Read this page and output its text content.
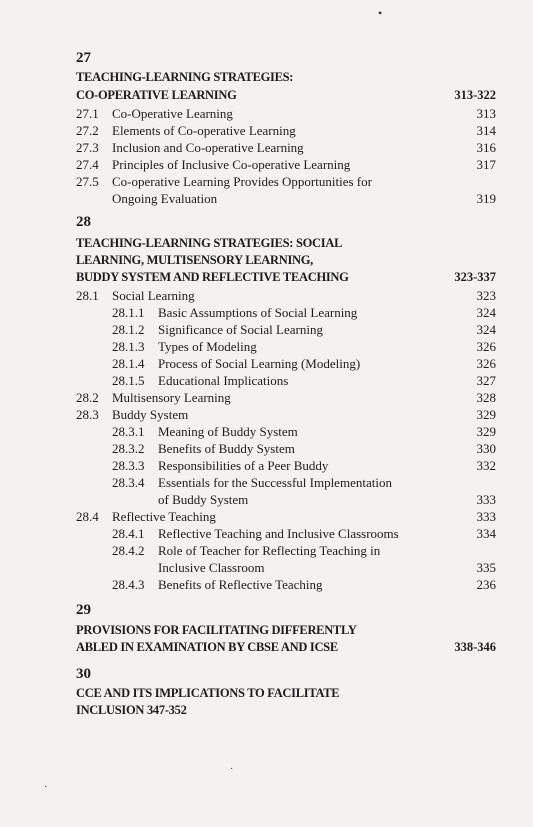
27
TEACHING-LEARNING STRATEGIES:
CO-OPERATIVE LEARNING	313-322
27.1 Co-Operative Learning	313
27.2 Elements of Co-operative Learning	314
27.3 Inclusion and Co-operative Learning	316
27.4 Principles of Inclusive Co-operative Learning	317
27.5 Co-operative Learning Provides Opportunities for
Ongoing Evaluation	319
28
TEACHING-LEARNING STRATEGIES: SOCIAL
LEARNING, MULTISENSORY LEARNING,
BUDDY SYSTEM AND REFLECTIVE TEACHING	323-337
28.1 Social Learning	323
28.1.1 Basic Assumptions of Social Learning	324
28.1.2 Significance of Social Learning	324
28.1.3 Types of Modeling	326
28.1.4 Process of Social Learning (Modeling)	326
28.1.5 Educational Implications	327
28.2 Multisensory Learning	328
28.3 Buddy System	329
28.3.1 Meaning of Buddy System	329
28.3.2 Benefits of Buddy System	330
28.3.3 Responsibilities of a Peer Buddy	332
28.3.4 Essentials for the Successful Implementation
of Buddy System	333
28.4 Reflective Teaching	333
28.4.1 Reflective Teaching and Inclusive Classrooms	334
28.4.2 Role of Teacher for Reflecting Teaching in
Inclusive Classroom	335
28.4.3 Benefits of Reflective Teaching	236
29
PROVISIONS FOR FACILITATING DIFFERENTLY
ABLED IN EXAMINATION BY CBSE AND ICSE	338-346
30
CCE AND ITS IMPLICATIONS TO FACILITATE
INCLUSION 347-352
•
·
·
